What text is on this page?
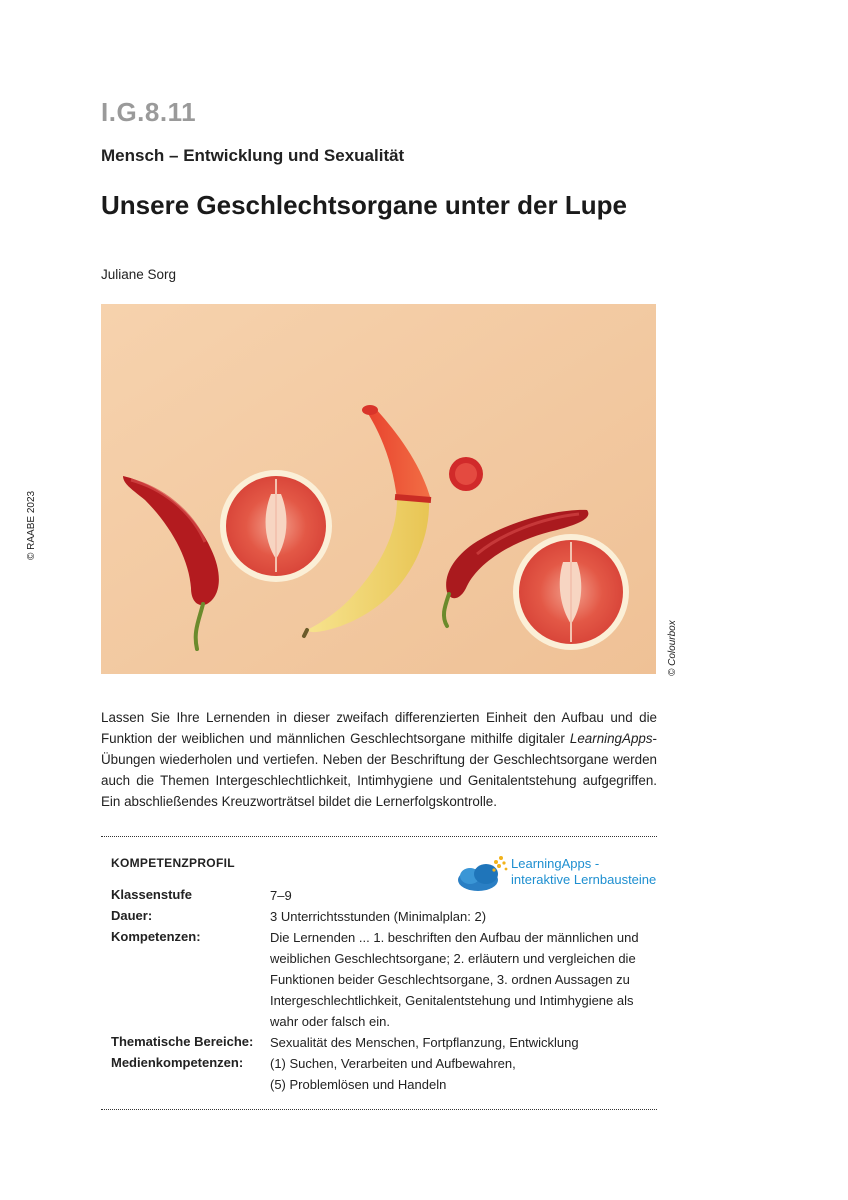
I.G.8.11
Mensch – Entwicklung und Sexualität
Unsere Geschlechtsorgane unter der Lupe
Juliane Sorg
© RAABE 2023
© Colourbox
Lassen Sie Ihre Lernenden in dieser zweifach differenzierten Einheit den Aufbau und die Funktion der weiblichen und männlichen Geschlechtsorgane mithilfe digitaler LearningApps-Übungen wiederholen und vertiefen. Neben der Beschriftung der Geschlechtsorgane werden auch die Themen Intergeschlechtlichkeit, Intimhygiene und Genitalentstehung aufgegriffen. Ein abschließendes Kreuzworträtsel bildet die Lernerfolgskontrolle.
KOMPETENZPROFIL	LearningApps -
interaktive Lernbausteine
Klassenstufe	7–9
Dauer:	3 Unterrichtsstunden (Minimalplan: 2)
Kompetenzen:	Die Lernenden ... 1. beschriften den Aufbau der männlichen und weiblichen Geschlechtsorgane; 2. erläutern und vergleichen die Funktionen beider Geschlechtsorgane, 3. ordnen Aussagen zu Intergeschlechtlichkeit, Genitalentstehung und Intimhygiene als wahr oder falsch ein.
Thematische Bereiche: Sexualität des Menschen, Fortpflanzung, Entwicklung
Medienkompetenzen: (1) Suchen, Verarbeiten und Aufbewahren,
(5) Problemlösen und Handeln
